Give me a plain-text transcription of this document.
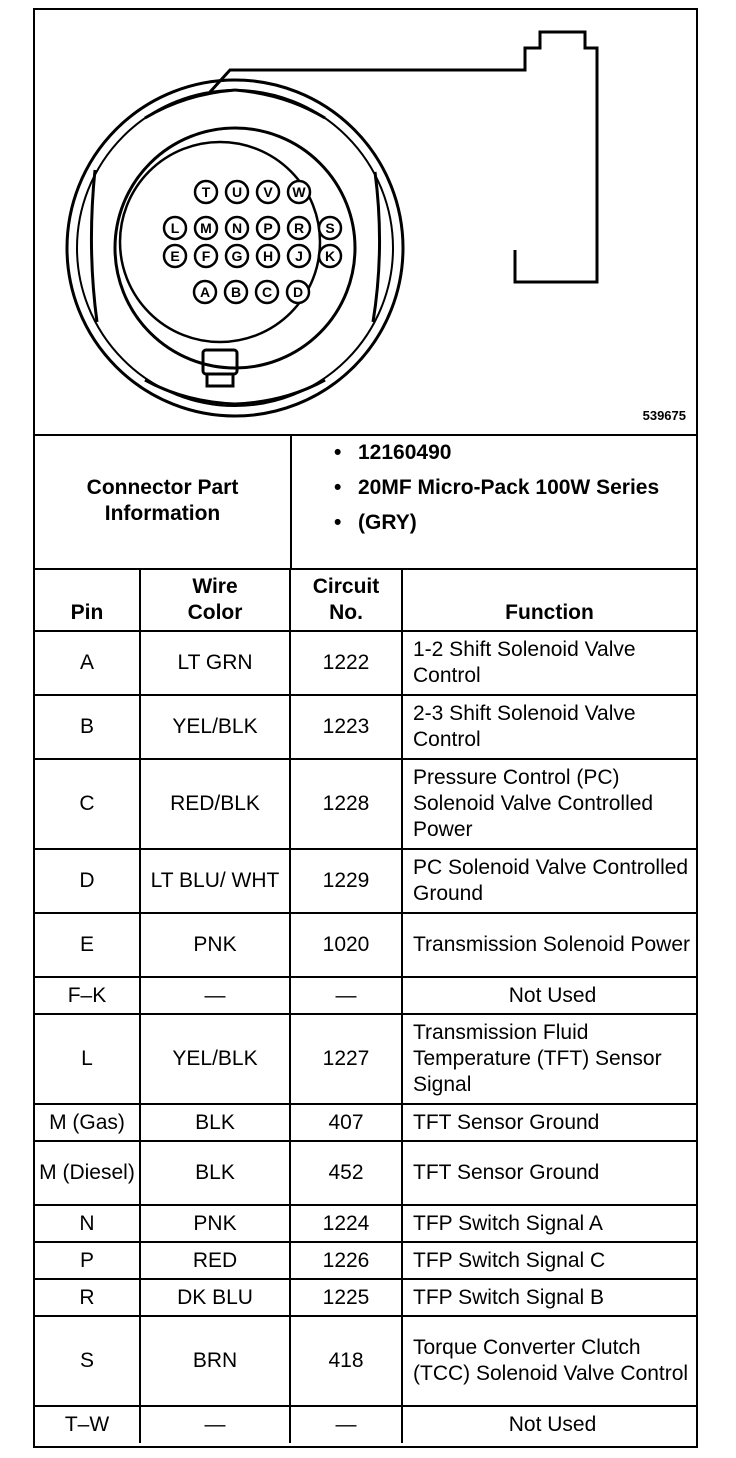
T U V W
L M N P R S
E F G H J K
A B C D
539675
Connector Part Information
• 12160490
• 20MF Micro-Pack 100W Series
• (GRY)
Pin	Wire Color	Circuit No.	Function
A	LT GRN	1222	1-2 Shift Solenoid Valve Control
B	YEL/BLK	1223	2-3 Shift Solenoid Valve Control
C	RED/BLK	1228	Pressure Control (PC) Solenoid Valve Controlled Power
D	LT BLU/ WHT	1229	PC Solenoid Valve Controlled Ground
E	PNK	1020	Transmission Solenoid Power
F–K	—	—	Not Used
L	YEL/BLK	1227	Transmission Fluid Temperature (TFT) Sensor Signal
M (Gas)	BLK	407	TFT Sensor Ground
M (Diesel)	BLK	452	TFT Sensor Ground
N	PNK	1224	TFP Switch Signal A
P	RED	1226	TFP Switch Signal C
R	DK BLU	1225	TFP Switch Signal B
S	BRN	418	Torque Converter Clutch (TCC) Solenoid Valve Control
T–W	—	—	Not Used
